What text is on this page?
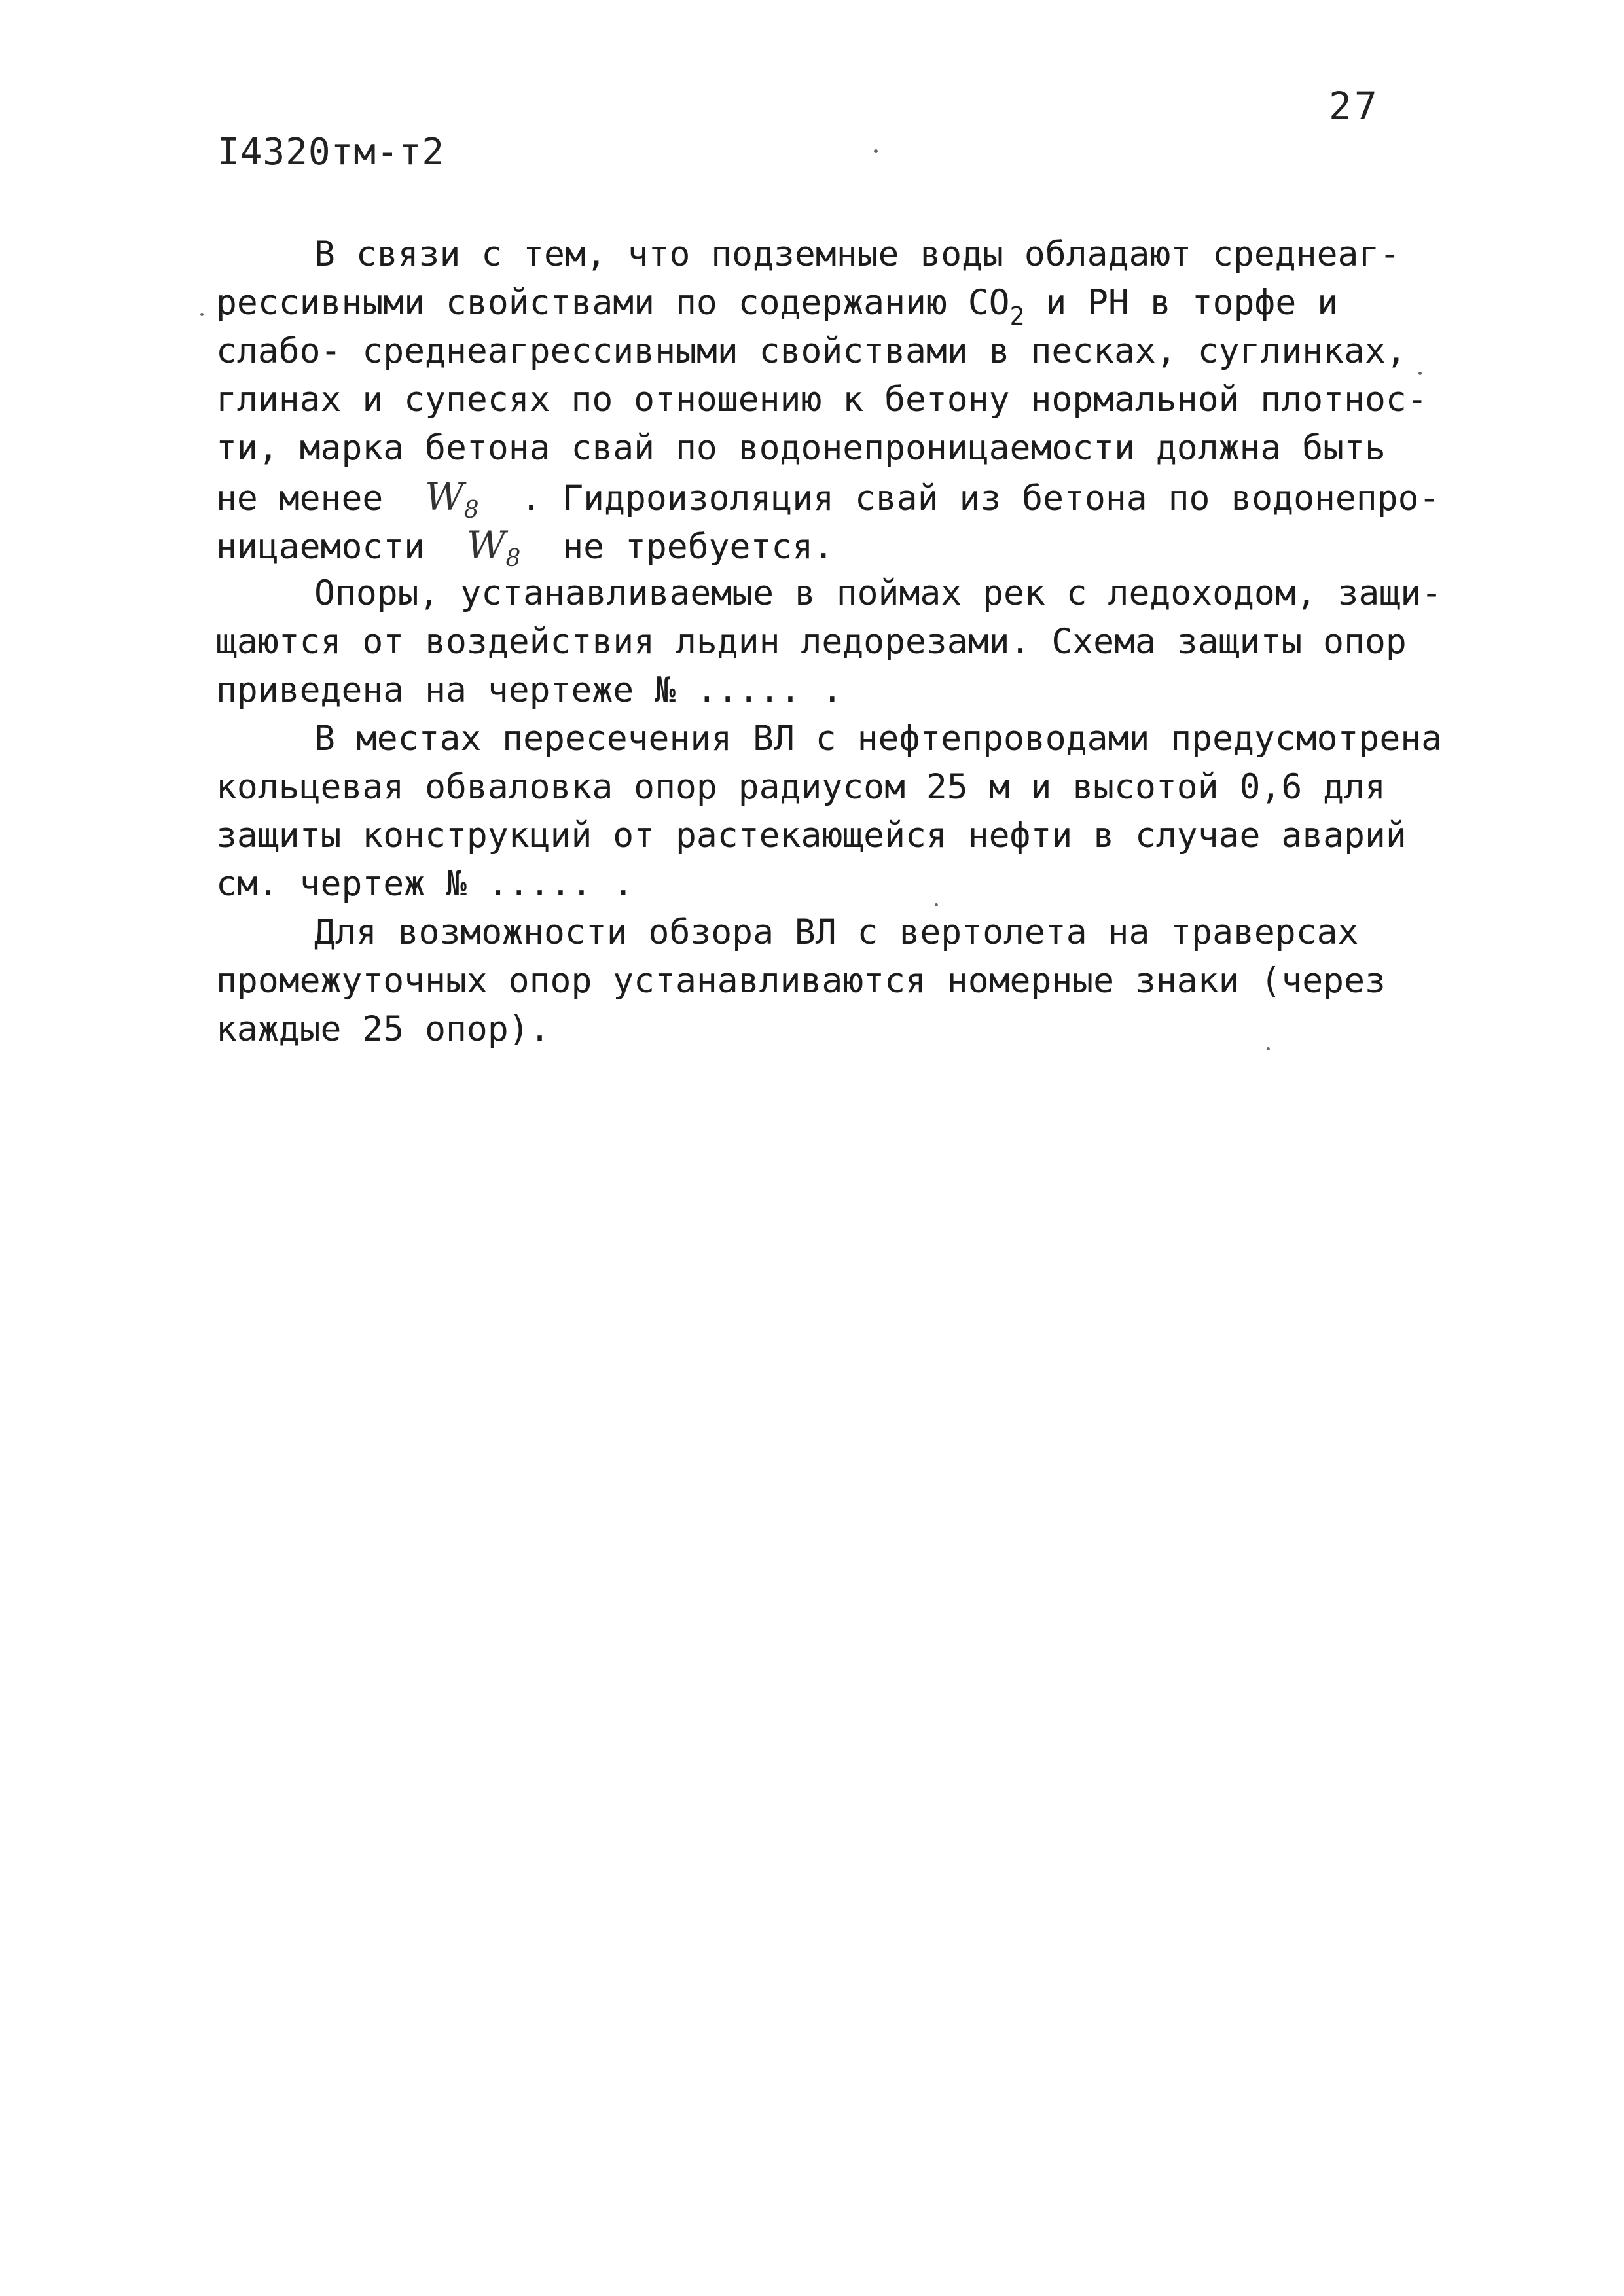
27
I4320тм-т2
В связи с тем, что подземные воды обладают среднеаг-
рессивными свойствами по содержанию $CO_2$ и PH в торфе и
слабо- среднеагрессивными свойствами в песках, суглинках,
глинах и супесях по отношению к бетону нормальной плотнос-
ти, марка бетона свай по водонепроницаемости должна быть
не менее  $W_8$  . Гидроизоляция свай из бетона по водонепро-
ницаемости  $W_8$  не требуется.
Опоры, устанавливаемые в поймах рек с ледоходом, защи-
щаются от воздействия льдин ледорезами. Схема защиты опор
приведена на чертеже № ..... .
В местах пересечения ВЛ с нефтепроводами предусмотрена
кольцевая обваловка опор радиусом 25 м и высотой 0,6 для
защиты конструкций от растекающейся нефти в случае аварий
см. чертеж № ..... .
Для возможности обзора ВЛ с вертолета на траверсах
промежуточных опор устанавливаются номерные знаки (через
каждые 25 опор).
